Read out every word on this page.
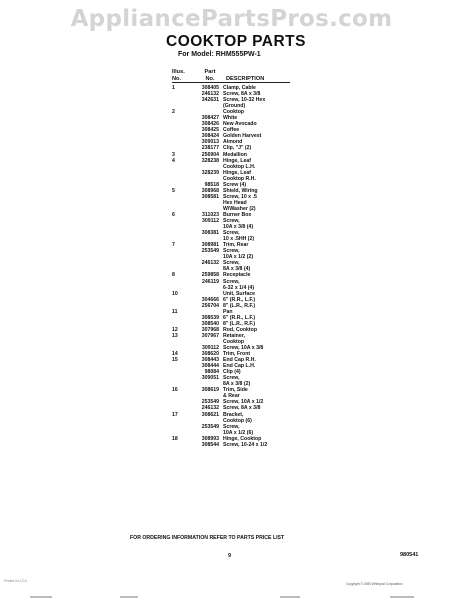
AppliancePartsPros.com
COOKTOP PARTS
For Model: RHM555PW-1
Illus.
No.
Part
No.	DESCRIPTION
1	308405 Clamp, Cable
246132 Screw, 8A x 3/8
342631 Screw, 10-32 Hex
(Ground)
2	Cooktop
308427 White
308426 New Avocado
308425 Coffee
308424 Golden Harvest
309013 Almond
238177 Clip, "J" (2)
3	256904 Medallion
4	328238 Hinge, Leaf
Cooktop L.H.
328239 Hinge, Leaf
Cooktop R.H.
98518 Screw (4)
5	308968 Shield, Wiring
308581 Screw, 10 x .5
Hex Head
W/Washer (2)
6	311023 Burner Box
309112 Screw,
10A x 3/8 (4)
308381 Screw,
10 x .5HH (2)
7	308981 Trim, Rear
253549 Screw,
10A x 1/2 (2)
246132 Screw,
8A x 3/8 (4)
8	259858 Receptacle
246119 Screw,
6-32 x 1/4 (4)
10	Unit, Surface
304666 6" (R.R., L.F.)
256704 8" (L.R., R.F.)
11	Pan
308539 6" (R.R., L.F.)
308540 8" (L.R., R.F.)
12	307968 Rod, Cooktop
13	307967 Retainer,
Cooktop
309112 Screw, 10A x 3/8
14	308620 Trim, Front
15	308443 End Cap R.H.
308444 End Cap L.H.
98084 Clip (4)
309051 Screw,
8A x 3/8 (2)
16	308619 Trim, Side
& Rear
253549 Screw, 10A x 1/2
246132 Screw, 8A x 3/8
17	308621 Bracket,
Cooktop (6)
253549 Screw,
10A x 1/2 (6)
18	308993 Hinge, Cooktop
308544 Screw, 10-24 x 1/2
FOR ORDERING INFORMATION REFER TO PARTS PRICE LIST
9	980541
Copyright © 1985 Whirlpool Corporation
Printed in U.S.A.
